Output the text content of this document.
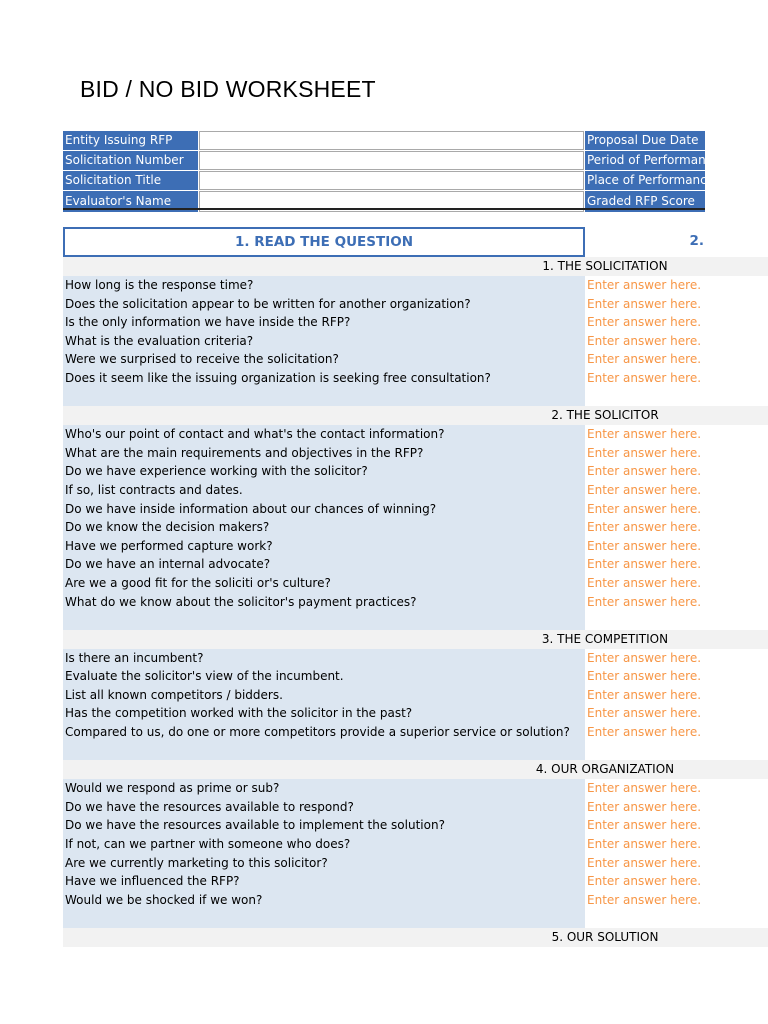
BID / NO BID WORKSHEET
Entity Issuing RFP	Proposal Due Date
Solicitation Number	Period of Performance
Solicitation Title	Place of Performance
Evaluator's Name	Graded RFP Score
1. READ THE QUESTION	2.
1. THE SOLICITATION
How long is the response time?	Enter answer here.
Does the solicitation appear to be written for another organization?	Enter answer here.
Is the only information we have inside the RFP?	Enter answer here.
What is the evaluation criteria?	Enter answer here.
Were we surprised to receive the solicitation?	Enter answer here.
Does it seem like the issuing organization is seeking free consultation?	Enter answer here.
2. THE SOLICITOR
Who's our point of contact and what's the contact information?	Enter answer here.
What are the main requirements and objectives in the RFP?	Enter answer here.
Do we have experience working with the solicitor?	Enter answer here.
If so, list contracts and dates.	Enter answer here.
Do we have inside information about our chances of winning?	Enter answer here.
Do we know the decision makers?	Enter answer here.
Have we performed capture work?	Enter answer here.
Do we have an internal advocate?	Enter answer here.
Are we a good fit for the soliciti or's culture?	Enter answer here.
What do we know about the solicitor's payment practices?	Enter answer here.
3. THE COMPETITION
Is there an incumbent?	Enter answer here.
Evaluate the solicitor's view of the incumbent.	Enter answer here.
List all known competitors / bidders.	Enter answer here.
Has the competition worked with the solicitor in the past?	Enter answer here.
Compared to us, do one or more competitors provide a superior service or solution?	Enter answer here.
4. OUR ORGANIZATION
Would we respond as prime or sub?	Enter answer here.
Do we have the resources available to respond?	Enter answer here.
Do we have the resources available to implement the solution?	Enter answer here.
If not, can we partner with someone who does?	Enter answer here.
Are we currently marketing to this solicitor?	Enter answer here.
Have we influenced the RFP?	Enter answer here.
Would we be shocked if we won?	Enter answer here.
5. OUR SOLUTION
